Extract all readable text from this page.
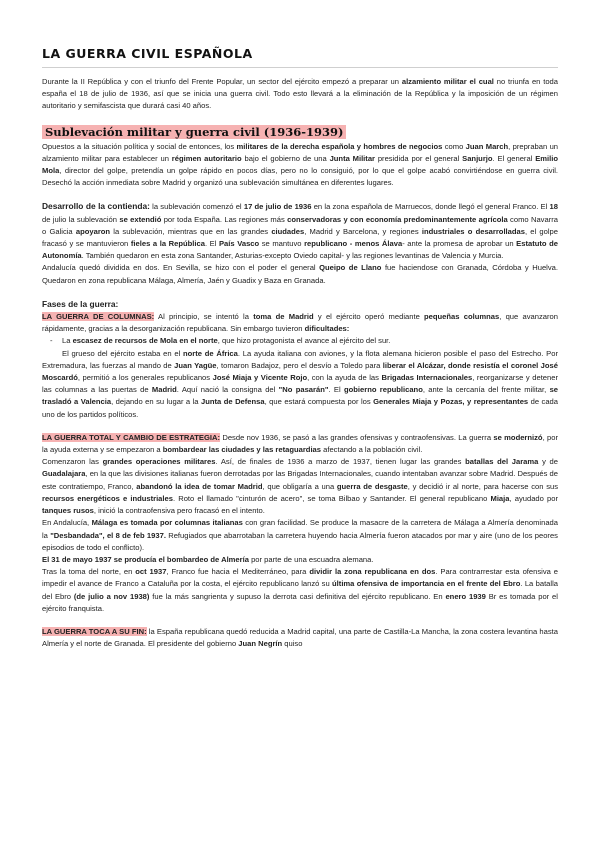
LA GUERRA CIVIL ESPAÑOLA

Durante la II República y con el triunfo del Frente Popular, un sector del ejército empezó a preparar un alzamiento militar el cual no triunfa en toda españa el 18 de julio de 1936, así que se inicia una guerra civil. Todo esto llevará a la eliminación de la República y la imposición de un régimen autoritario y semifascista que durará casi 40 años.

Sublevación militar y guerra civil (1936-1939)

Opuestos a la situación política y social de entonces, los militares de la derecha española y hombres de negocios como Juan March, prepraban un alzamiento militar para establecer un régimen autoritario bajo el gobierno de una Junta Militar presidida por el general Sanjurjo. El general Emilio Mola, director del golpe, pretendía un golpe rápido en pocos días, pero no lo consiguió, por lo que el golpe acabó convirtiéndose en guerra civil. Desechó la acción inmediata sobre Madrid y organizó una sublevación simultánea en diferentes lugares.

Desarrollo de la contienda: la sublevación comenzó el 17 de julio de 1936 en la zona española de Marruecos, donde llegó el general Franco. El 18 de julio la sublevación se extendió por toda España. Las regiones más conservadoras y con economía predominantemente agrícola como Navarra o Galicia apoyaron la sublevación, mientras que en las grandes ciudades, Madrid y Barcelona, y regiones industriales o desarrolladas, el golpe fracasó y se mantuvieron fieles a la República. El País Vasco se mantuvo republicano - menos Álava- ante la promesa de aprobar un Estatuto de Autonomía. También quedaron en esta zona Santander, Asturias-excepto Oviedo capital- y las regiones levantinas de Valencia y Murcia.

Andalucía quedó dividida en dos. En Sevilla, se hizo con el poder el general Queipo de Llano fue haciendose con Granada, Córdoba y Huelva. Quedaron en zona republicana Málaga, Almería, Jaén y Guadix y Baza en Granada.

Fases de la guerra:

LA GUERRA DE COLUMNAS: Al principio, se intentó la toma de Madrid y el ejército operó mediante pequeñas columnas, que avanzaron rápidamente, gracias a la desorganización republicana. Sin embargo tuvieron dificultades:

- La escasez de recursos de Mola en el norte, que hizo protagonista el avance al ejército del sur.

El grueso del ejército estaba en el norte de África. La ayuda italiana con aviones, y la flota alemana hicieron posible el paso del Estrecho. Por Extremadura, las fuerzas al mando de Juan Yagüe, tomaron Badajoz, pero el desvío a Toledo para liberar el Alcázar, donde resistía el coronel José Moscardó, permitió a los generales republicanos José Miaja y Vicente Rojo, con la ayuda de las Brigadas Internacionales, reorganizarse y detener las columnas a las puertas de Madrid. Aquí nació la consigna del "No pasarán". El gobierno republicano, ante la cercanía del frente militar, se trasladó a Valencia, dejando en su lugar a la Junta de Defensa, que estará compuesta por los Generales Miaja y Pozas, y representantes de cada uno de los partidos políticos.

LA GUERRA TOTAL Y CAMBIO DE ESTRATEGIA: Desde nov 1936, se pasó a las grandes ofensivas y contraofensivas. La guerra se modernizó, por la ayuda externa y se empezaron a bombardear las ciudades y las retaguardias afectando a la población civil.

Comenzaron las grandes operaciones militares. Así, de finales de 1936 a marzo de 1937, tienen lugar las grandes batallas del Jarama y de Guadalajara, en la que las divisiones italianas fueron derrotadas por las Brigadas Internacionales, cuando intentaban avanzar sobre Madrid. Después de este contratiempo, Franco, abandonó la idea de tomar Madrid, que obligaría a una guerra de desgaste, y decidió ir al norte, para hacerse con sus recursos energéticos e industriales. Roto el llamado "cinturón de acero", se toma Bilbao y Santander. El general republicano Miaja, ayudado por tanques rusos, inició la contraofensiva pero fracasó en el intento.

En Andalucía, Málaga es tomada por columnas italianas con gran facilidad. Se produce la masacre de la carretera de Málaga a Almería denominada la "Desbandada", el 8 de feb 1937. Refugiados que abarrotaban la carretera huyendo hacia Almería fueron atacados por mar y aire (uno de los peores episodios de todo el conflicto).

El 31 de mayo 1937 se producía el bombardeo de Almería por parte de una escuadra alemana.

Tras la toma del norte, en oct 1937, Franco fue hacia el Mediterráneo, para dividir la zona republicana en dos. Para contrarrestar esta ofensiva e impedir el avance de Franco a Cataluña por la costa, el ejército republicano lanzó su última ofensiva de importancia en el frente del Ebro. La batalla del Ebro (de julio a nov 1938) fue la más sangrienta y supuso la derrota casi definitiva del ejército republicano. En enero 1939 Br es tomada por el ejército franquista.

LA GUERRA TOCA A SU FIN: la España republicana quedó reducida a Madrid capital, una parte de Castilla-La Mancha, la zona costera levantina hasta Almería y el norte de Granada. El presidente del gobierno Juan Negrín quiso
